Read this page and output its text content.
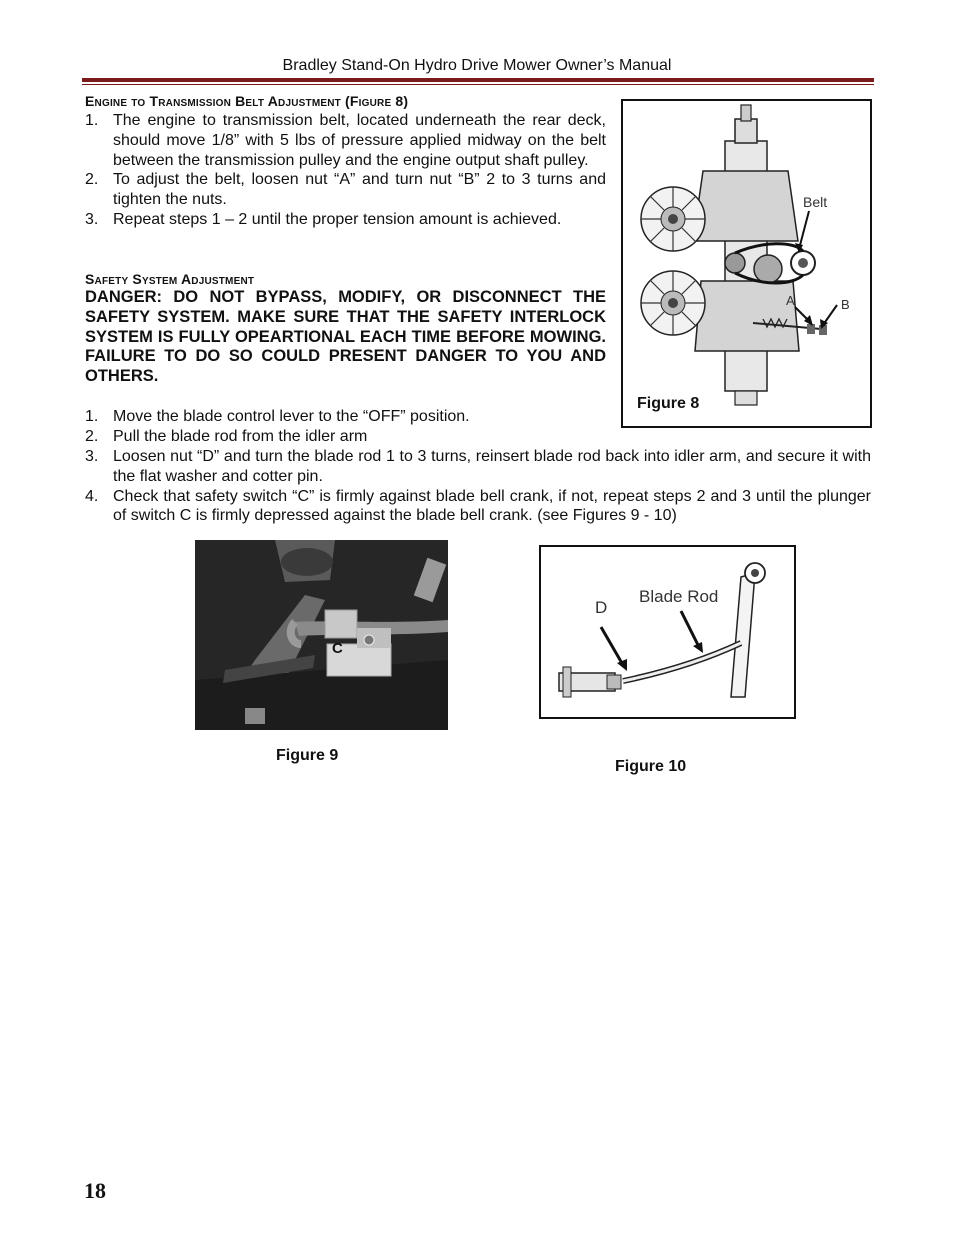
Bradley Stand-On Hydro Drive Mower Owner’s Manual
Engine to Transmission Belt Adjustment (Figure 8)
1. The engine to transmission belt, located underneath the rear deck, should move 1/8” with 5 lbs of pressure applied midway on the belt between the transmission pulley and the engine output shaft pulley.
2. To adjust the belt, loosen nut “A” and turn nut “B” 2 to 3 turns and tighten the nuts.
3. Repeat steps 1 – 2 until the proper tension amount is achieved.
Safety System Adjustment
DANGER: DO NOT BYPASS, MODIFY, OR DISCONNECT THE SAFETY SYSTEM. MAKE SURE THAT THE SAFETY INTERLOCK SYSTEM IS FULLY OPEARTIONAL EACH TIME BEFORE MOWING. FAILURE TO DO SO COULD PRESENT DANGER TO YOU AND OTHERS.
1. Move the blade control lever to the “OFF” position.
2. Pull the blade rod from the idler arm
3. Loosen nut “D” and turn the blade rod 1 to 3 turns, reinsert blade rod back into idler arm, and secure it with the flat washer and cotter pin.
4. Check that safety switch “C” is firmly against blade bell crank, if not, repeat steps 2 and 3 until the plunger of switch C is firmly depressed against the blade bell crank. (see Figures 9 - 10)
Belt
A	B
Figure 8
C
Figure 9
D
Blade Rod
Figure 10
18
